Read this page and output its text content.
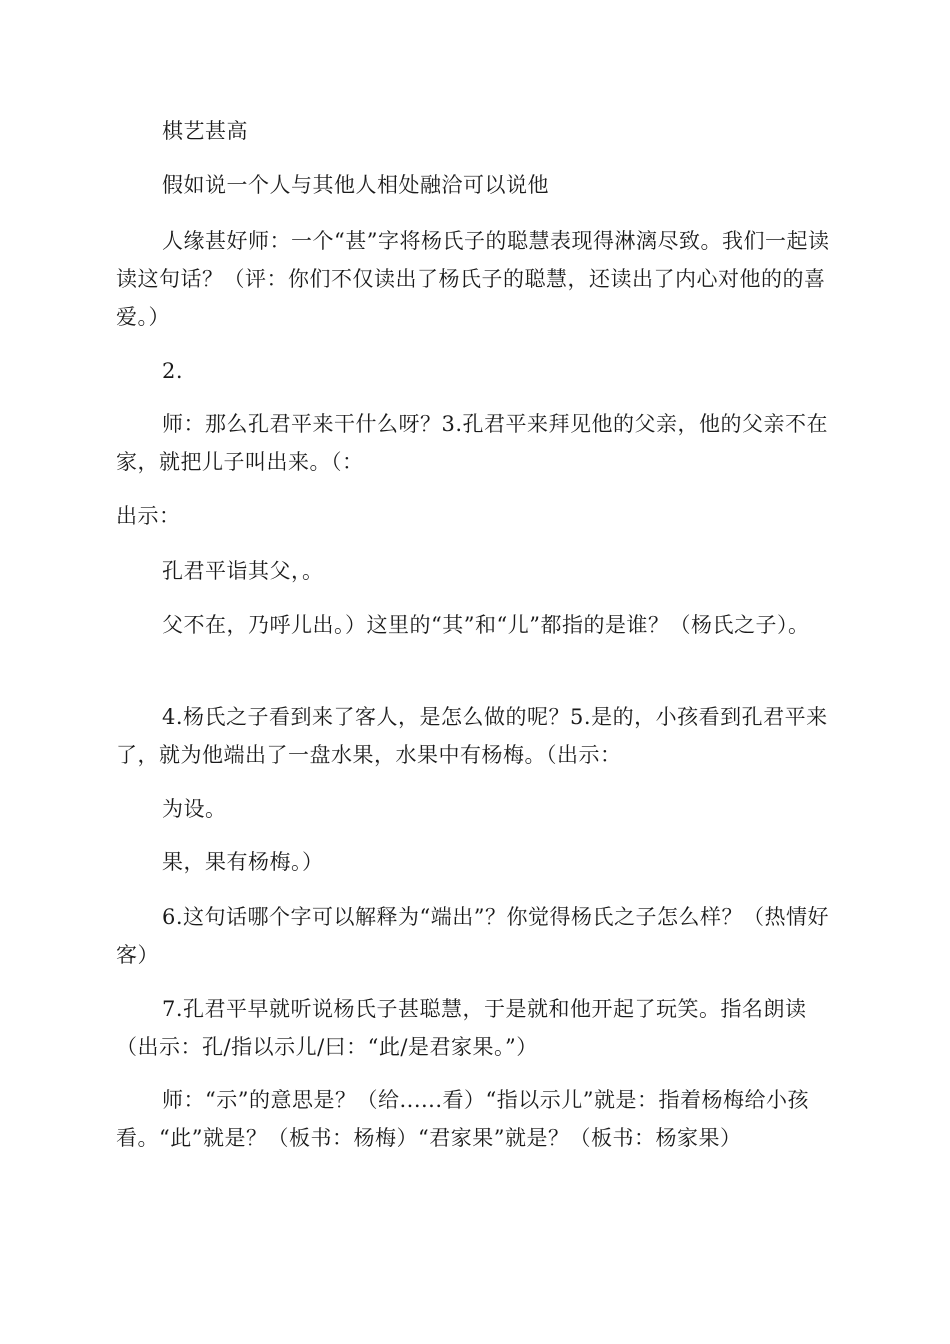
棋艺甚高

假如说一个人与其他人相处融洽可以说他

人缘甚好师：一个“甚”字将杨氏子的聪慧表现得淋漓尽致。我们一起读读这句话？（评：你们不仅读出了杨氏子的聪慧，还读出了内心对他的的喜爱。）

2.

师：那么孔君平来干什么呀？3.孔君平来拜见他的父亲，他的父亲不在家，就把儿子叫出来。（：

出示：

孔君平诣其父，。

父不在，乃呼儿出。）这里的“其”和“儿”都指的是谁？（杨氏之子）。

4.杨氏之子看到来了客人，是怎么做的呢？5.是的，小孩看到孔君平来了，就为他端出了一盘水果，水果中有杨梅。（出示：

为设。

果，果有杨梅。）

6.这句话哪个字可以解释为“端出”？你觉得杨氏之子怎么样？（热情好客）

7.孔君平早就听说杨氏子甚聪慧，于是就和他开起了玩笑。指名朗读（出示：孔/指以示儿/曰：“此/是君家果。”）

师：“示”的意思是？（给......看）“指以示儿”就是：指着杨梅给小孩看。“此”就是？（板书：杨梅）“君家果”就是？（板书：杨家果）
